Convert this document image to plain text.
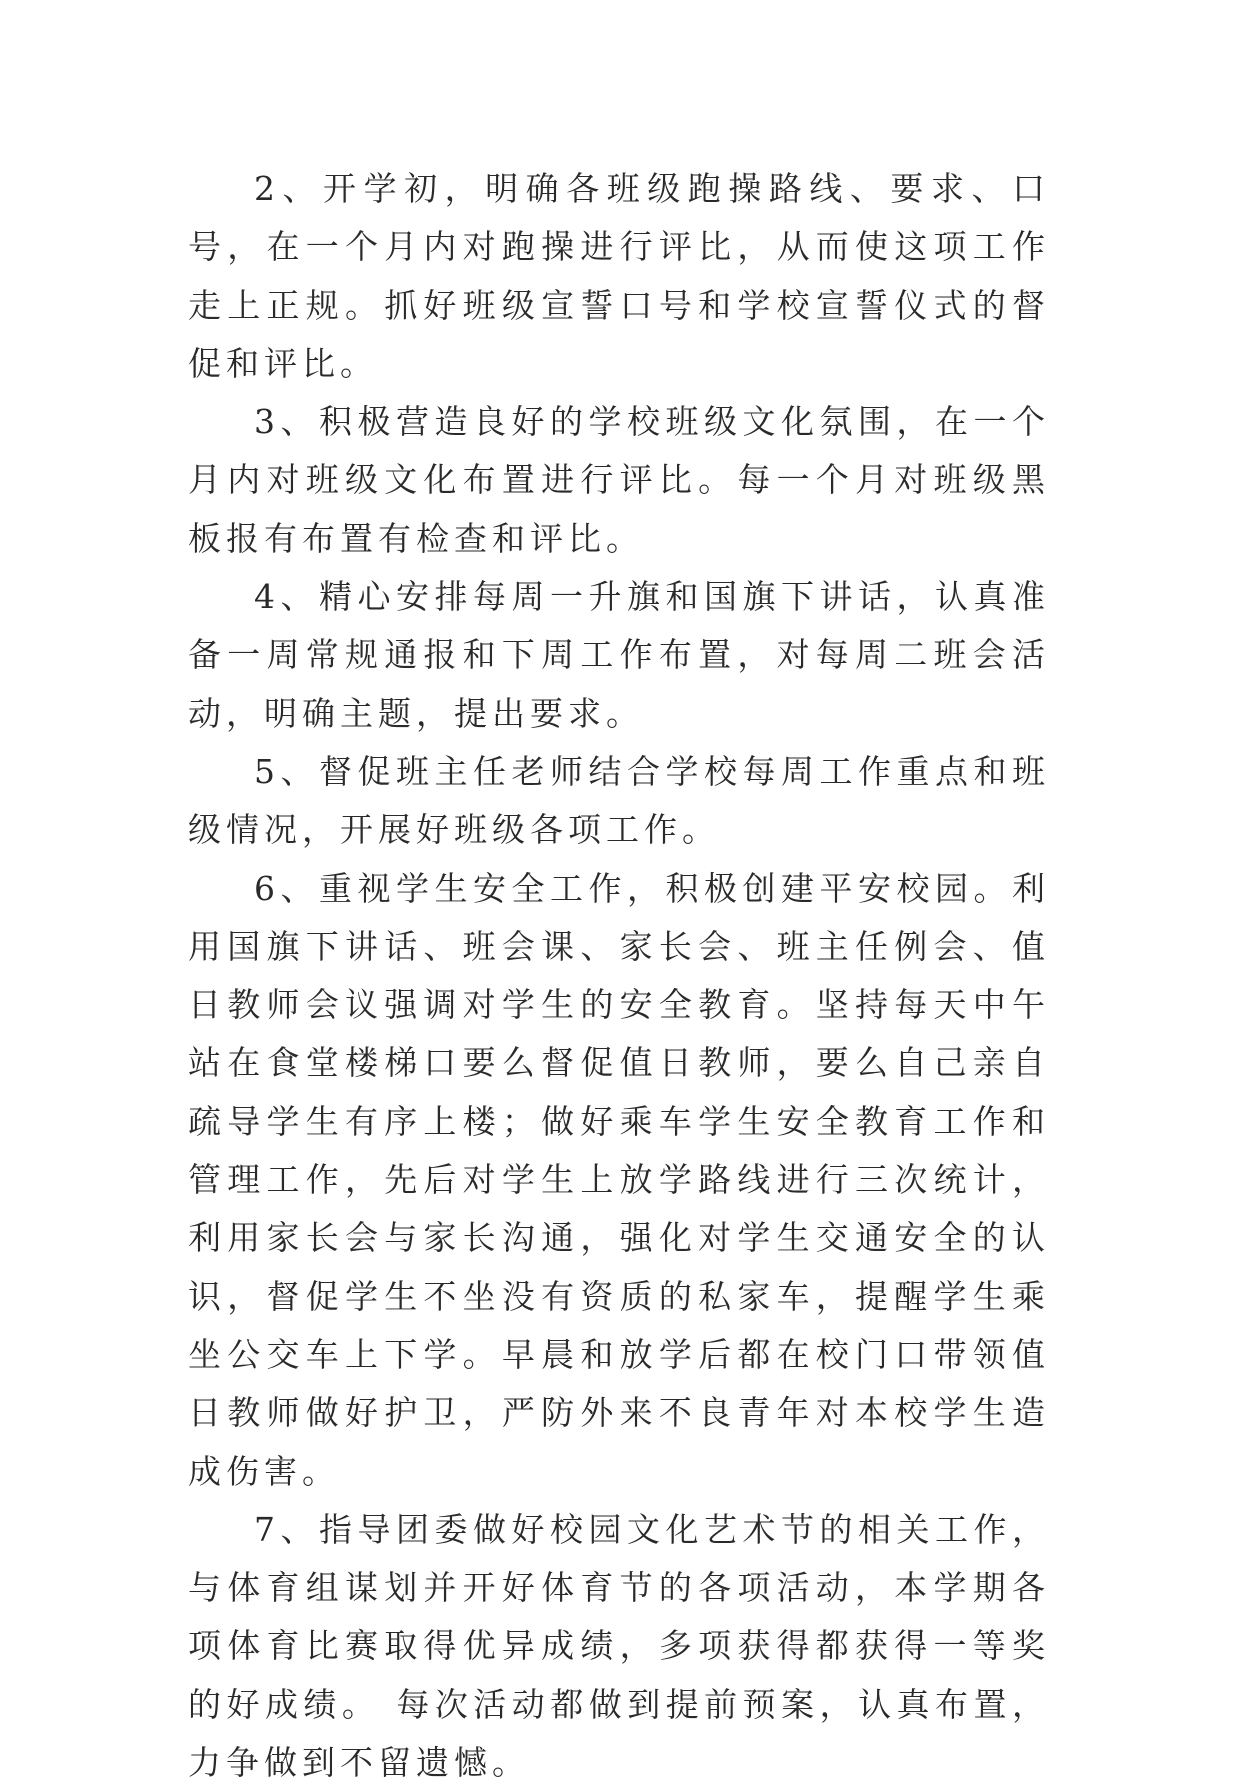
2、开学初，明确各班级跑操路线、要求、口号，在一个月内对跑操进行评比，从而使这项工作走上正规。抓好班级宣誓口号和学校宣誓仪式的督促和评比。

3、积极营造良好的学校班级文化氛围，在一个月内对班级文化布置进行评比。每一个月对班级黑板报有布置有检查和评比。

4、精心安排每周一升旗和国旗下讲话，认真准备一周常规通报和下周工作布置，对每周二班会活动，明确主题，提出要求。

5、督促班主任老师结合学校每周工作重点和班级情况，开展好班级各项工作。

6、重视学生安全工作，积极创建平安校园。利用国旗下讲话、班会课、家长会、班主任例会、值日教师会议强调对学生的安全教育。坚持每天中午站在食堂楼梯口要么督促值日教师，要么自己亲自疏导学生有序上楼；做好乘车学生安全教育工作和管理工作，先后对学生上放学路线进行三次统计，利用家长会与家长沟通，强化对学生交通安全的认识，督促学生不坐没有资质的私家车，提醒学生乘坐公交车上下学。早晨和放学后都在校门口带领值日教师做好护卫，严防外来不良青年对本校学生造成伤害。

7、指导团委做好校园文化艺术节的相关工作，与体育组谋划并开好体育节的各项活动，本学期各项体育比赛取得优异成绩，多项获得都获得一等奖的好成绩。 每次活动都做到提前预案，认真布置，力争做到不留遗憾。
